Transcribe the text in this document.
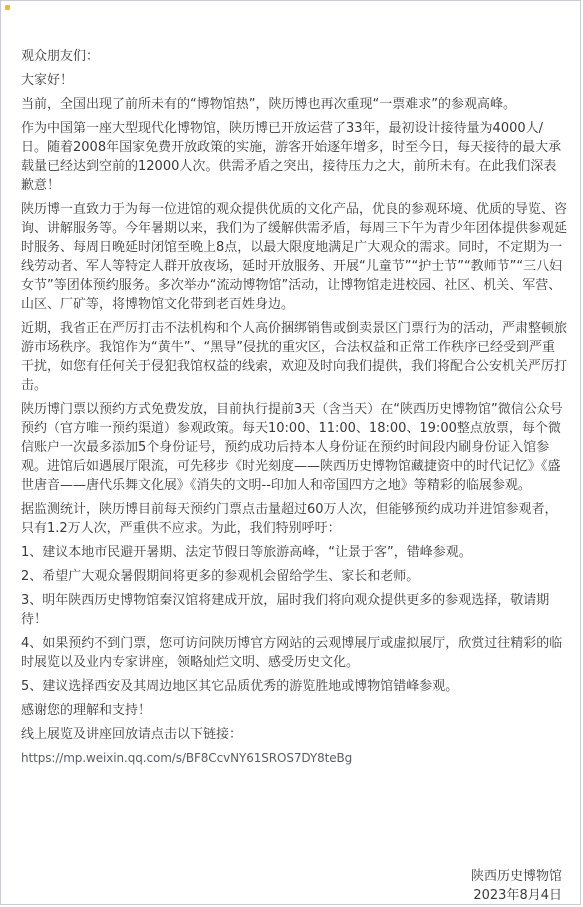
观众朋友们：

大家好！

当前，全国出现了前所未有的“博物馆热”，陕历博也再次重现“一票难求”的参观高峰。

作为中国第一座大型现代化博物馆，陕历博已开放运营了33年，最初设计接待量为4000人/日。随着2008年国家免费开放政策的实施，游客开始逐年增多，时至今日，每天接待的最大承载量已经达到空前的12000人次。供需矛盾之突出，接待压力之大，前所未有。在此我们深表歉意！

陕历博一直致力于为每一位进馆的观众提供优质的文化产品，优良的参观环境、优质的导览、咨询、讲解服务等。今年暑期以来，我们为了缓解供需矛盾，每周三下午为青少年团体提供参观延时服务、每周日晚延时闭馆至晚上8点，以最大限度地满足广大观众的需求。同时，不定期为一线劳动者、军人等特定人群开放夜场，延时开放服务、开展“儿童节”“护士节”“教师节”“三八妇女节”等团体预约服务。多次举办“流动博物馆”活动，让博物馆走进校园、社区、机关、军营、山区、厂矿等，将博物馆文化带到老百姓身边。

近期，我省正在严厉打击不法机构和个人高价捆绑销售或倒卖景区门票行为的活动，严肃整顿旅游市场秩序。我馆作为“黄牛”、“黑导”侵扰的重灾区，合法权益和正常工作秩序已经受到严重干扰，如您有任何关于侵犯我馆权益的线索，欢迎及时向我们提供，我们将配合公安机关严厉打击。

陕历博门票以预约方式免费发放，目前执行提前3天（含当天）在“陕西历史博物馆”微信公众号预约（官方唯一预约渠道）参观政策。每天10:00、11:00、18:00、19:00整点放票，每个微信账户一次最多添加5个身份证号，预约成功后持本人身份证在预约时间段内刷身份证入馆参观。进馆后如遇展厅限流，可先移步《时光刻度——陕西历史博物馆藏捷资中的时代记忆》《盛世唐音——唐代乐舞文化展》《消失的文明--印加人和帝国四方之地》等精彩的临展参观。

据监测统计，陕历博目前每天预约门票点击量超过60万人次，但能够预约成功并进馆参观者，只有1.2万人次，严重供不应求。为此，我们特别呼吁：

1、建议本地市民避开暑期、法定节假日等旅游高峰，“让景于客”，错峰参观。

2、希望广大观众暑假期间将更多的参观机会留给学生、家长和老师。

3、明年陕西历史博物馆秦汉馆将建成开放，届时我们将向观众提供更多的参观选择，敬请期待！

4、如果预约不到门票，您可访问陕历博官方网站的云观博展厅或虚拟展厅，欣赏过往精彩的临时展览以及业内专家讲座，领略灿烂文明、感受历史文化。

5、建议选择西安及其周边地区其它品质优秀的游览胜地或博物馆错峰参观。

感谢您的理解和支持！

线上展览及讲座回放请点击以下链接：

https://mp.weixin.qq.com/s/BF8CcvNY61SROS7DY8teBg

陕西历史博物馆
2023年8月4日
